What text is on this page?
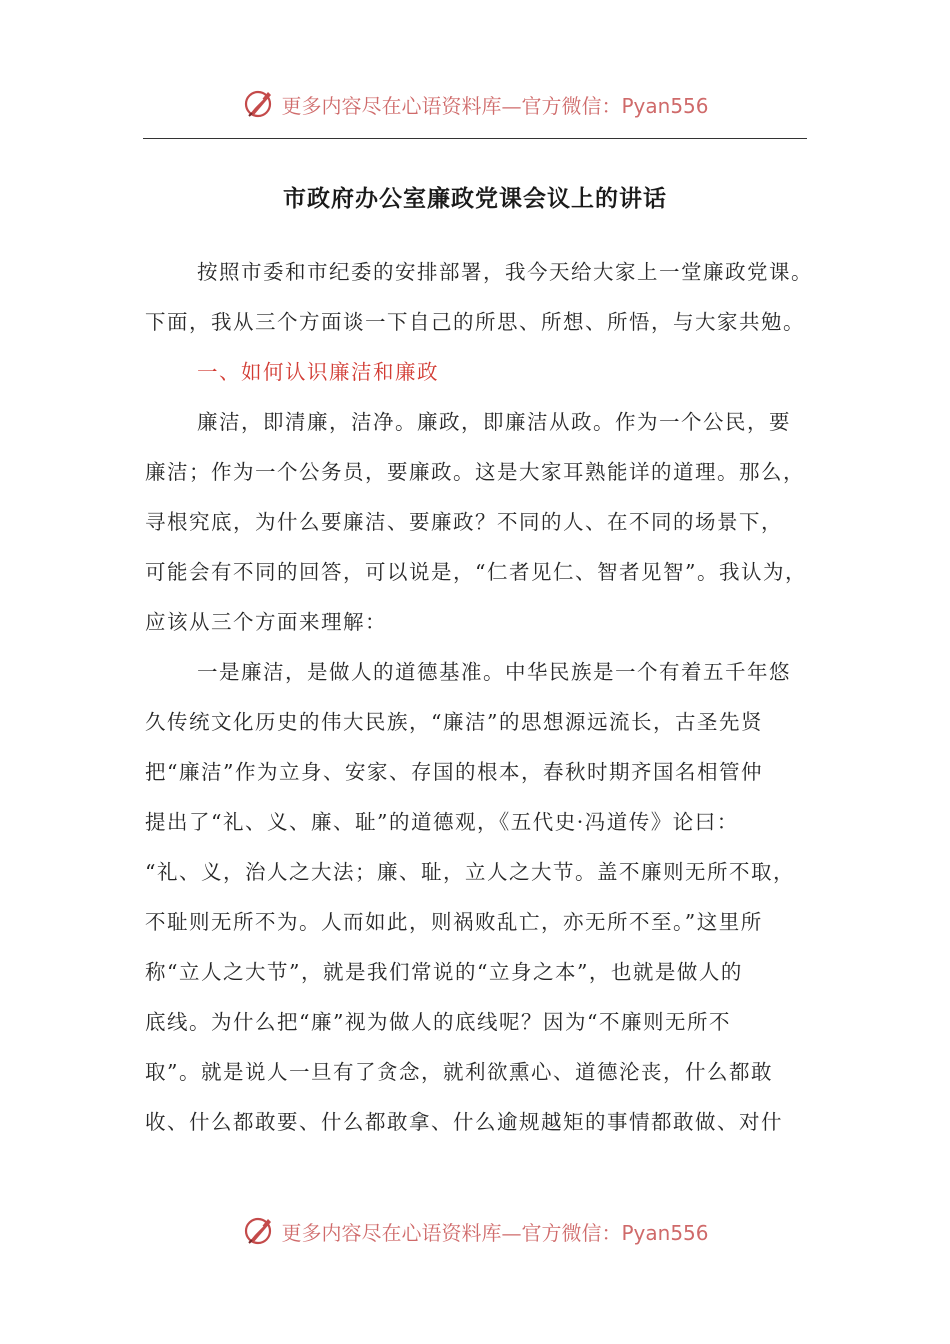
更多内容尽在心语资料库—官方微信：Pyan556
市政府办公室廉政党课会议上的讲话
按照市委和市纪委的安排部署，我今天给大家上一堂廉政党课。
下面，我从三个方面谈一下自己的所思、所想、所悟，与大家共勉。
一、如何认识廉洁和廉政
廉洁，即清廉，洁净。廉政，即廉洁从政。作为一个公民，要
廉洁；作为一个公务员，要廉政。这是大家耳熟能详的道理。那么，
寻根究底，为什么要廉洁、要廉政？不同的人、在不同的场景下，
可能会有不同的回答，可以说是，“仁者见仁、智者见智”。我认为，
应该从三个方面来理解：
一是廉洁，是做人的道德基准。中华民族是一个有着五千年悠
久传统文化历史的伟大民族，“廉洁”的思想源远流长，古圣先贤
把“廉洁”作为立身、安家、存国的根本，春秋时期齐国名相管仲
提出了“礼、义、廉、耻”的道德观，《五代史·冯道传》论曰：
“礼、义，治人之大法；廉、耻，立人之大节。盖不廉则无所不取，
不耻则无所不为。人而如此，则祸败乱亡，亦无所不至。”这里所
称“立人之大节”，就是我们常说的“立身之本”，也就是做人的
底线。为什么把“廉”视为做人的底线呢？因为“不廉则无所不
取”。就是说人一旦有了贪念，就利欲熏心、道德沦丧，什么都敢
收、什么都敢要、什么都敢拿、什么逾规越矩的事情都敢做、对什
更多内容尽在心语资料库—官方微信：Pyan556
